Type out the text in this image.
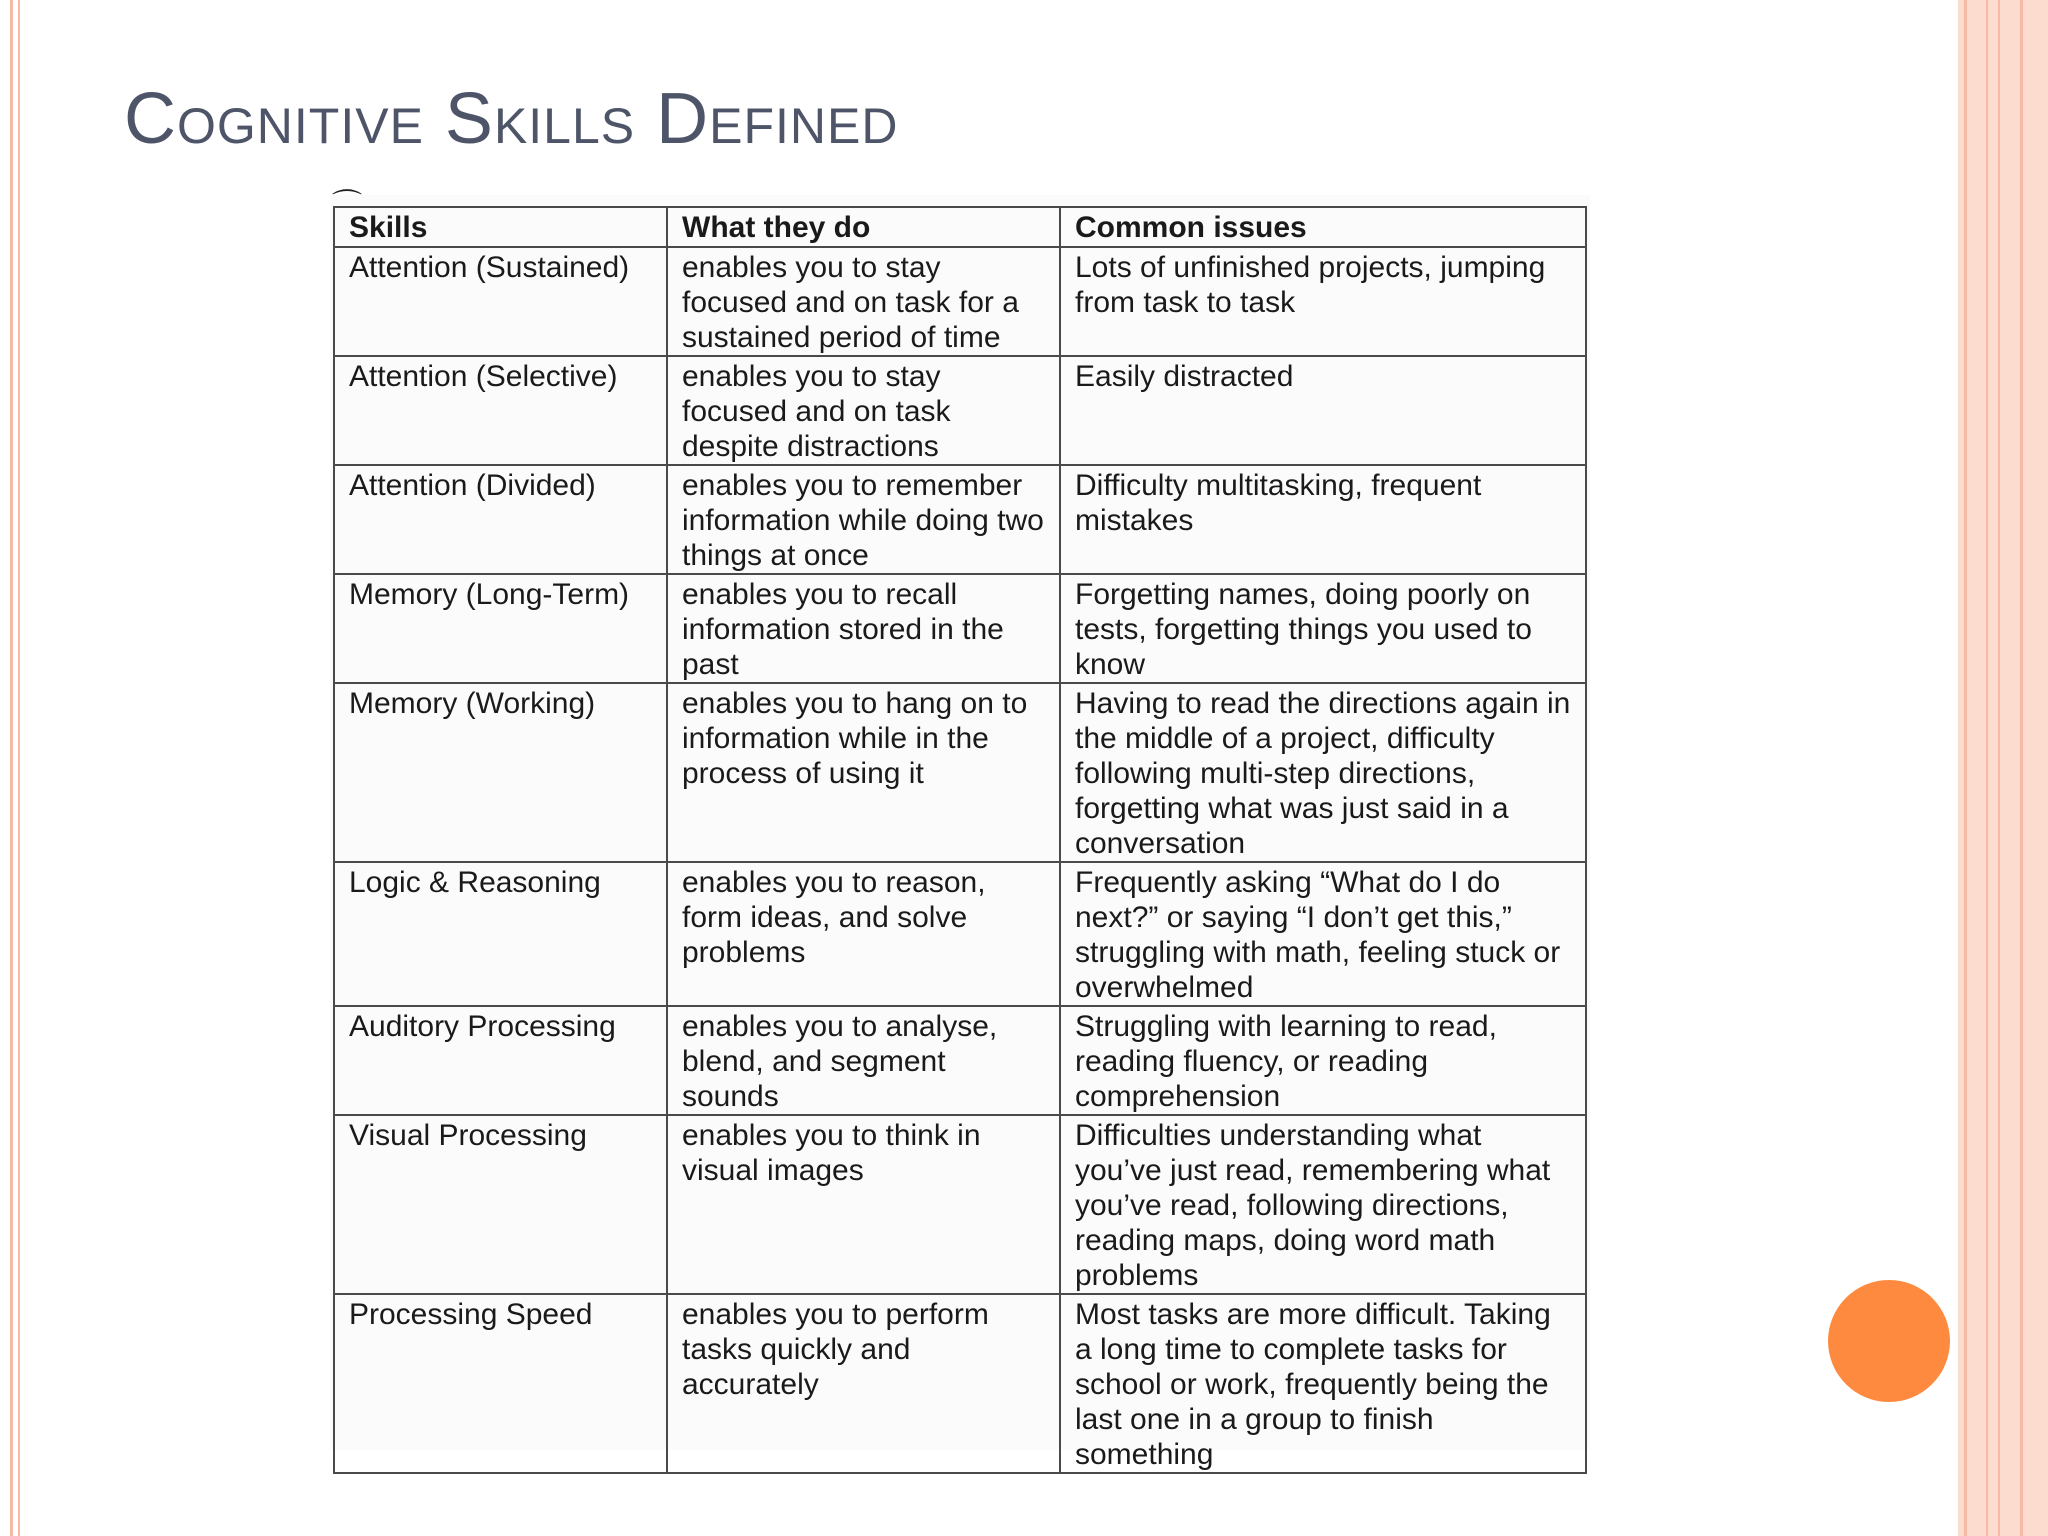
Cognitive Skills Defined
⌒
Skills	What they do	Common issues
Attention (Sustained)	enables you to stay focused and on task for a sustained period of time	Lots of unfinished projects, jumping from task to task
Attention (Selective)	enables you to stay focused and on task despite distractions	Easily distracted
Attention (Divided)	enables you to remember information while doing two things at once	Difficulty multitasking, frequent mistakes
Memory (Long-Term)	enables you to recall information stored in the past	Forgetting names, doing poorly on tests, forgetting things you used to know
Memory (Working)	enables you to hang on to information while in the process of using it	Having to read the directions again in the middle of a project, difficulty following multi-step directions, forgetting what was just said in a conversation
Logic & Reasoning	enables you to reason, form ideas, and solve problems	Frequently asking “What do I do next?” or saying “I don’t get this,” struggling with math, feeling stuck or overwhelmed
Auditory Processing	enables you to analyse, blend, and segment sounds	Struggling with learning to read, reading fluency, or reading comprehension
Visual Processing	enables you to think in visual images	Difficulties understanding what you’ve just read, remembering what you’ve read, following directions, reading maps, doing word math problems
Processing Speed	enables you to perform tasks quickly and accurately	Most tasks are more difficult. Taking a long time to complete tasks for school or work, frequently being the last one in a group to finish something
